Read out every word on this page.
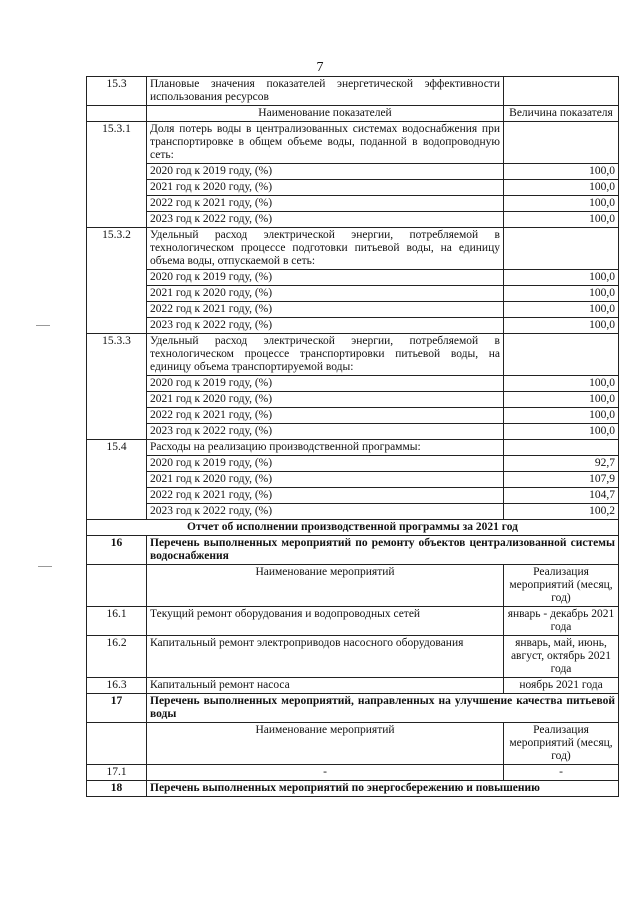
7
15.3	Плановые значения показателей энергетической эффективности использования ресурсов	
	Наименование показателей	Величина показателя
15.3.1	Доля потерь воды в централизованных системах водоснабжения при транспортировке в общем объеме воды, поданной в водопроводную сеть:	
	2020 год к 2019 году, (%)	100,0
	2021 год к 2020 году, (%)	100,0
	2022 год к 2021 году, (%)	100,0
	2023 год к 2022 году, (%)	100,0
15.3.2	Удельный расход электрической энергии, потребляемой в технологическом процессе подготовки питьевой воды, на единицу объема воды, отпускаемой в сеть:	
	2020 год к 2019 году, (%)	100,0
	2021 год к 2020 году, (%)	100,0
	2022 год к 2021 году, (%)	100,0
	2023 год к 2022 году, (%)	100,0
15.3.3	Удельный расход электрической энергии, потребляемой в технологическом процессе транспортировки питьевой воды, на единицу объема транспортируемой воды:	
	2020 год к 2019 году, (%)	100,0
	2021 год к 2020 году, (%)	100,0
	2022 год к 2021 году, (%)	100,0
	2023 год к 2022 году, (%)	100,0
15.4	Расходы на реализацию производственной программы:	
	2020 год к 2019 году, (%)	92,7
	2021 год к 2020 году, (%)	107,9
	2022 год к 2021 году, (%)	104,7
	2023 год к 2022 году, (%)	100,2
Отчет об исполнении производственной программы за 2021 год		
16	Перечень выполненных мероприятий по ремонту объектов централизованной системы водоснабжения	
	Наименование мероприятий	Реализация мероприятий (месяц, год)
16.1	Текущий ремонт оборудования и водопроводных сетей	январь - декабрь 2021 года
16.2	Капитальный ремонт электроприводов насосного оборудования	январь, май, июнь, август, октябрь 2021 года
16.3	Капитальный ремонт насоса	ноябрь 2021 года
17	Перечень выполненных мероприятий, направленных на улучшение качества питьевой воды	
	Наименование мероприятий	Реализация мероприятий (месяц, год)
17.1	-	-
18	Перечень выполненных мероприятий по энергосбережению и повышению	
